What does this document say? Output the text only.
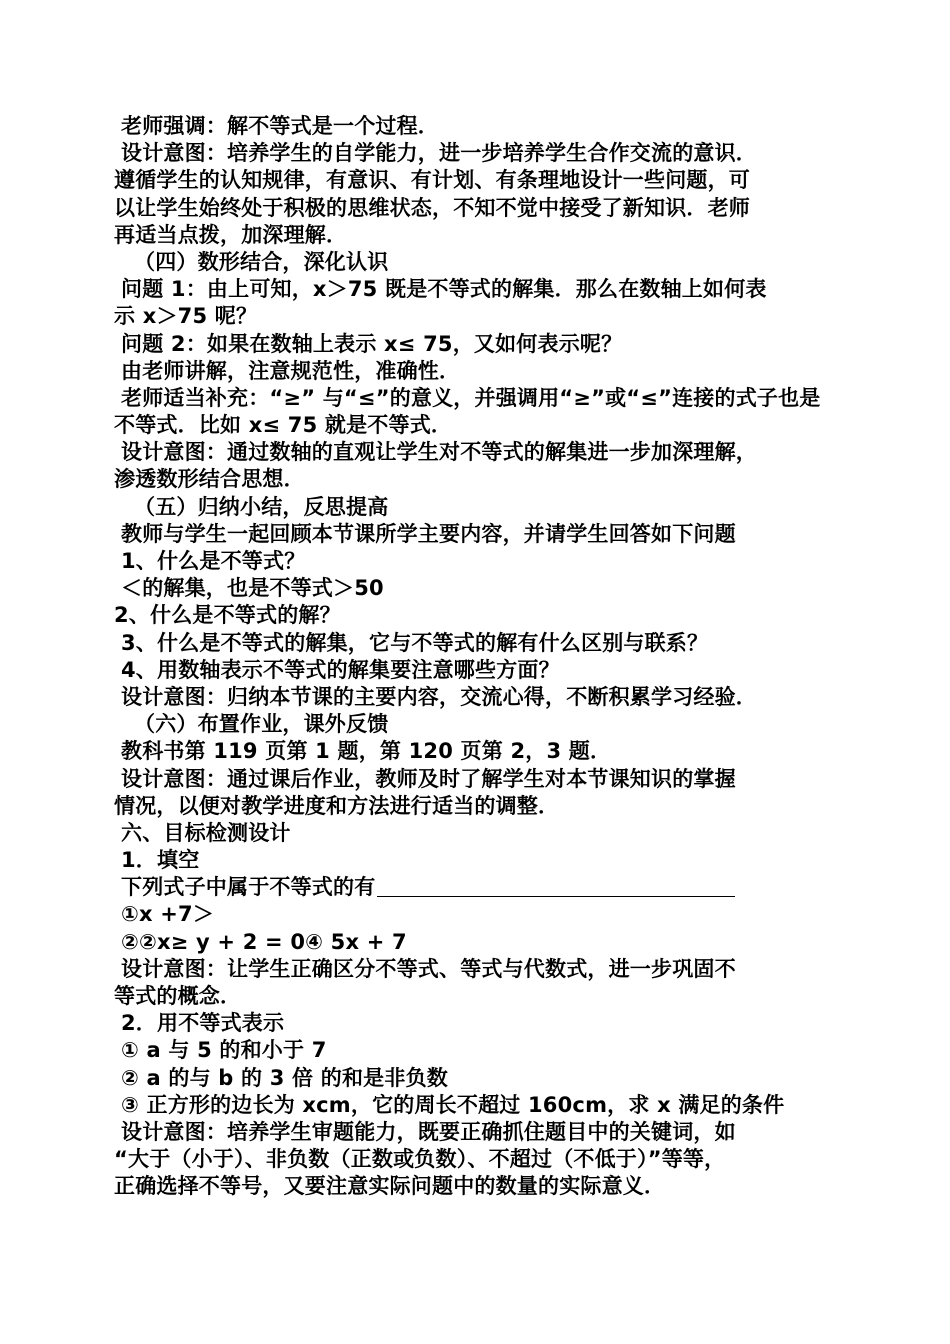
老师强调：解不等式是一个过程．
设计意图：培养学生的自学能力，进一步培养学生合作交流的意识．
遵循学生的认知规律，有意识、有计划、有条理地设计一些问题，可
以让学生始终处于积极的思维状态，不知不觉中接受了新知识．老师
再适当点拨，加深理解．
（四）数形结合，深化认识
问题 1：由上可知，x＞75 既是不等式的解集．那么在数轴上如何表
示 x＞75 呢？
问题 2：如果在数轴上表示 x≤ 75，又如何表示呢？
由老师讲解，注意规范性，准确性．
老师适当补充：“≥” 与“≤”的意义，并强调用“≥”或“≤”连接的式子也是
不等式．比如 x≤ 75 就是不等式．
设计意图：通过数轴的直观让学生对不等式的解集进一步加深理解，
渗透数形结合思想．
（五）归纳小结，反思提高
教师与学生一起回顾本节课所学主要内容，并请学生回答如下问题
1、什么是不等式？
＜的解集，也是不等式＞50
2、什么是不等式的解？
3、什么是不等式的解集，它与不等式的解有什么区别与联系？
4、用数轴表示不等式的解集要注意哪些方面？
设计意图：归纳本节课的主要内容，交流心得，不断积累学习经验．
（六）布置作业，课外反馈
教科书第 119 页第 1 题，第 120 页第 2，3 题．
设计意图：通过课后作业，教师及时了解学生对本节课知识的掌握
情况，以便对教学进度和方法进行适当的调整．
六、目标检测设计
1．填空
下列式子中属于不等式的有
①x +7＞
②②x≥ y + 2 = 0④ 5x + 7
设计意图：让学生正确区分不等式、等式与代数式，进一步巩固不
等式的概念．
2．用不等式表示
① a 与 5 的和小于 7
② a 的与 b 的 3 倍 的和是非负数
③ 正方形的边长为 xcm，它的周长不超过 160cm，求 x 满足的条件
设计意图：培养学生审题能力，既要正确抓住题目中的关键词，如
“大于（小于）、非负数（正数或负数）、不超过（不低于）”等等，
正确选择不等号，又要注意实际问题中的数量的实际意义．
